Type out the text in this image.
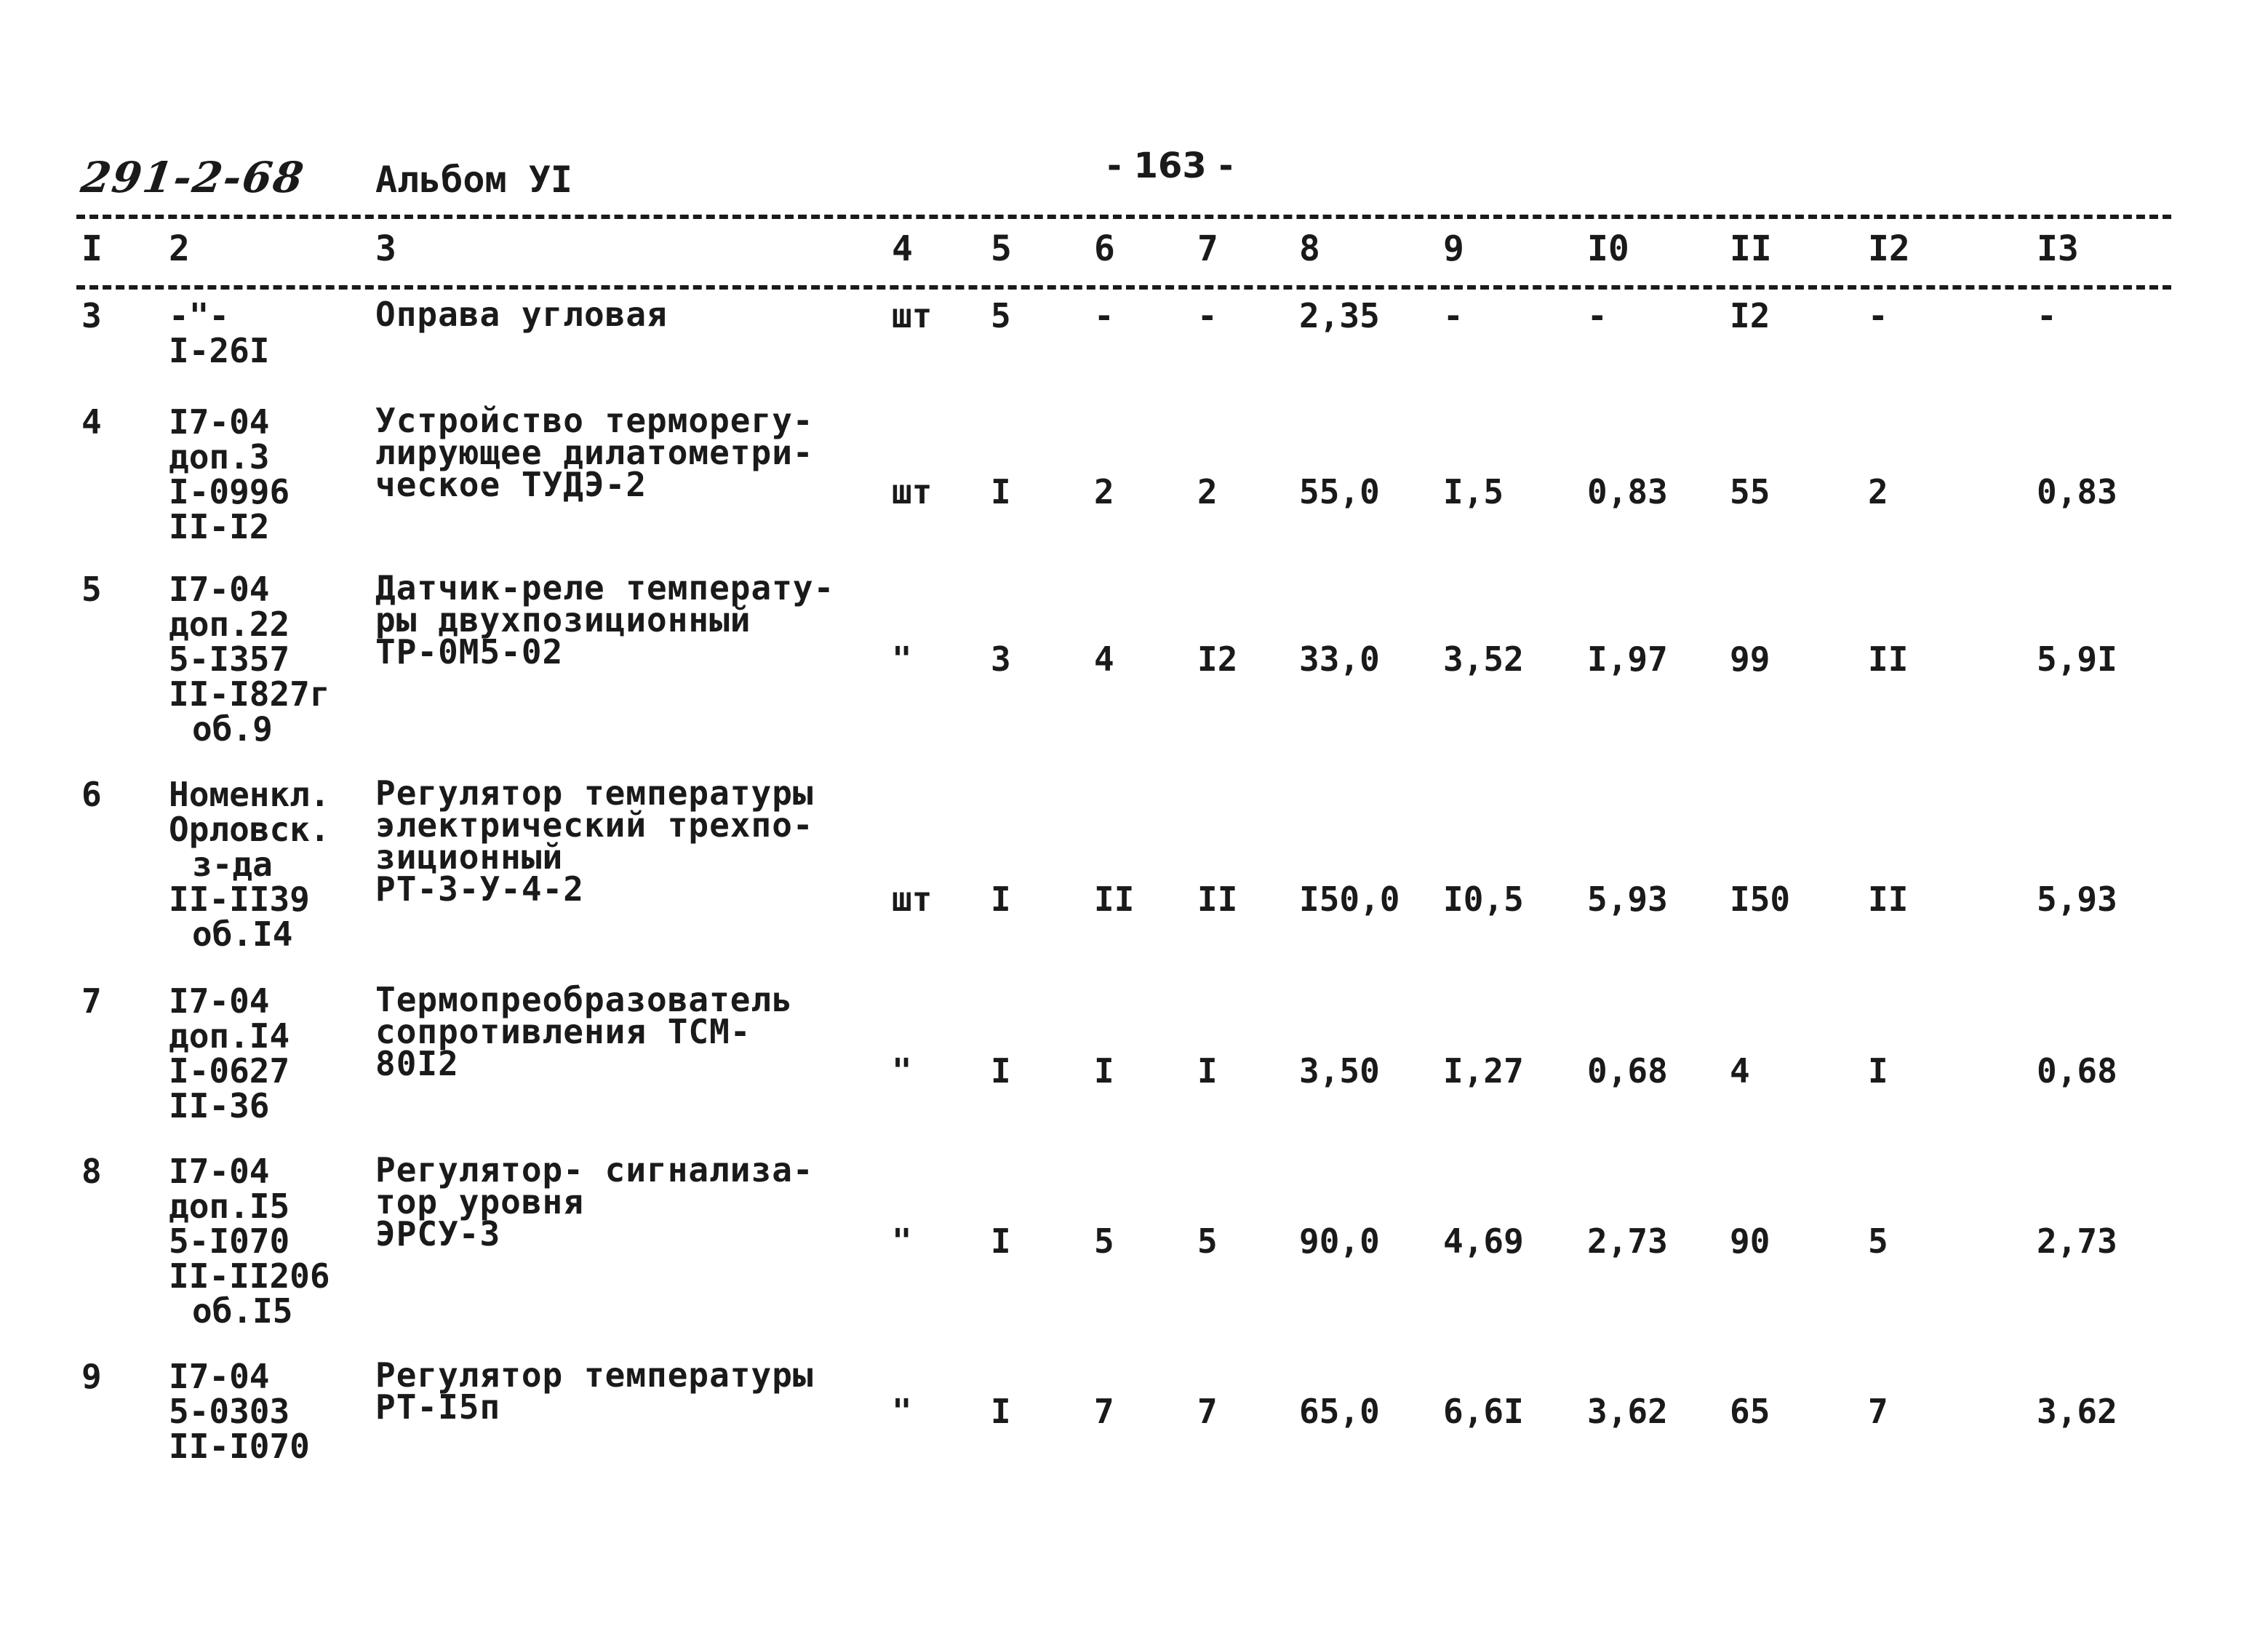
291-2-68 Альбом УI	- 163 -
I 2	3	4 5 6 7 8	9	I0	II	I2	I3
3 -"-
I-26I
Оправа угловая	шт 5 - - 2,35 -	-	I2	-	-
4 I7-04
доп.3
I-0996
II-I2
Устройство терморегу-
лирующее дилатометри-
ческое ТУДЭ-2	шт I 2 2 55,0 I,5 0,83 55	2	0,83
5 I7-04
доп.22
5-I357
II-I827г
об.9
Датчик-реле температу-
ры двухпозиционный
ТР-0М5-02	" 3 4 I2 33,0 3,52 I,97 99	II	5,9I
6 Номенкл.
Орловск.
з-да
II-II39
об.I4
Регулятор температуры
электрический трехпо-
зиционный
РТ-3-У-4-2	шт I II II I50,0 I0,5 5,93 I50 II	5,93
7 I7-04
доп.I4
I-0627
II-36
Термопреобразователь
сопротивления ТСМ-
80I2	" I I I 3,50 I,27 0,68 4	I	0,68
8 I7-04
доп.I5
5-I070
II-II206
об.I5
Регулятор- сигнализа-
тор уровня
ЭРСУ-3	" I 5 5 90,0 4,69 2,73 90	5	2,73
9 I7-04
5-0303
II-I070
Регулятор температуры
РТ-I5п	" I 7 7 65,0 6,6I 3,62 65	7	3,62
